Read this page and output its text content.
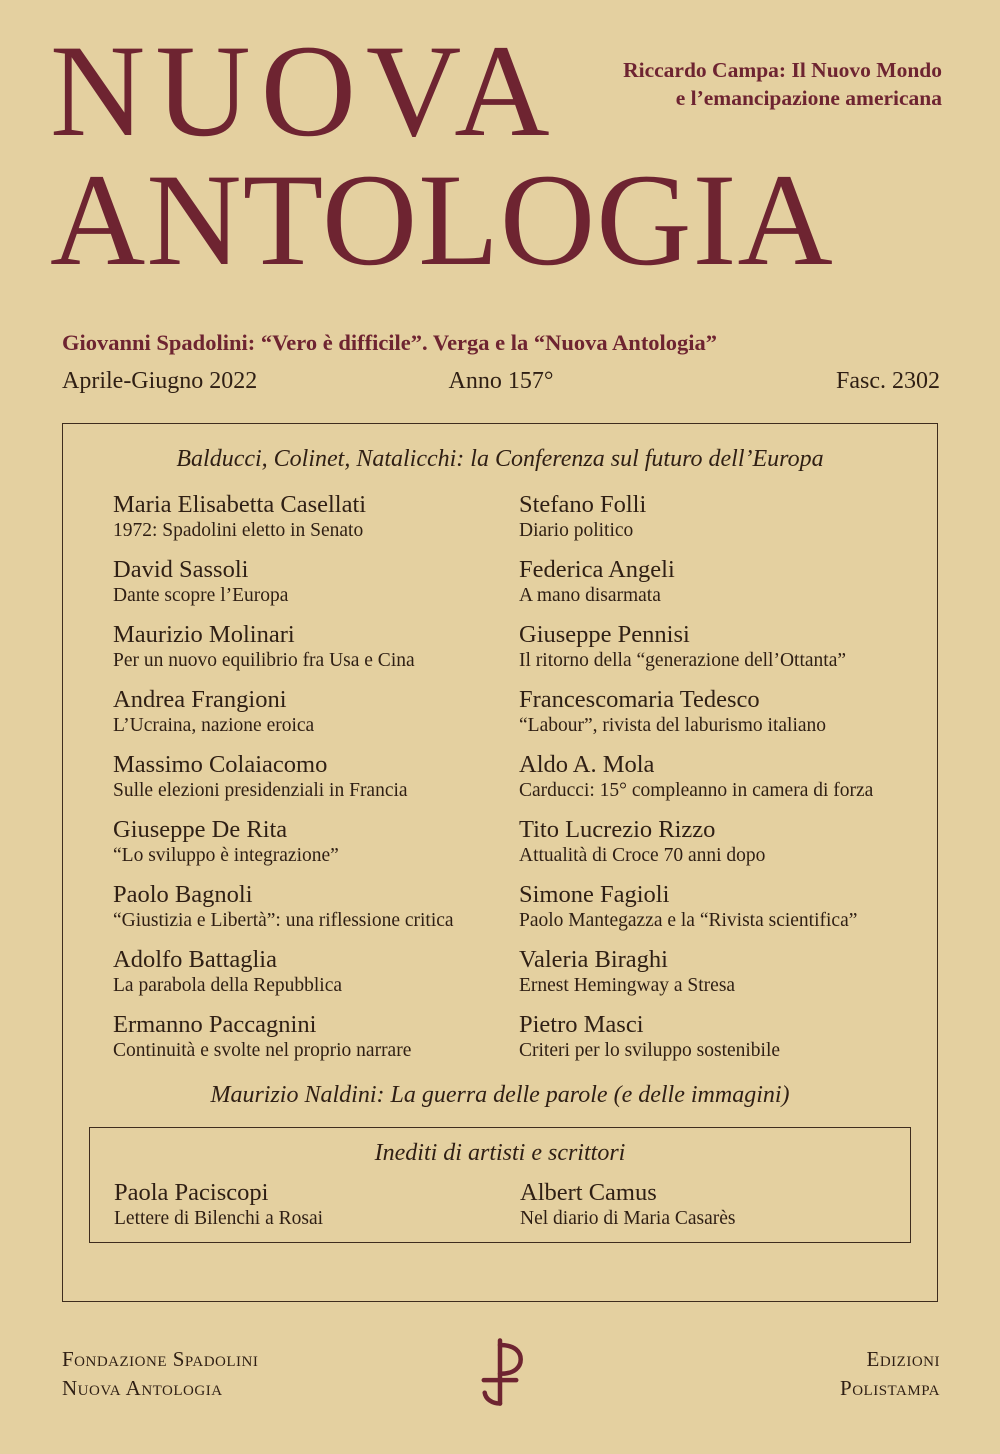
Riccardo Campa: Il Nuovo Mondo
e l’emancipazione americana
NUOVA
ANTOLOGIA
Giovanni Spadolini: “Vero è difficile”. Verga e la “Nuova Antologia”
Aprile-Giugno 2022	Anno 157°	Fasc. 2302
Balducci, Colinet, Natalicchi: la Conferenza sul futuro dell’Europa
Maria Elisabetta Casellati
1972: Spadolini eletto in Senato
David Sassoli
Dante scopre l’Europa
Maurizio Molinari
Per un nuovo equilibrio fra Usa e Cina
Andrea Frangioni
L’Ucraina, nazione eroica
Massimo Colaiacomo
Sulle elezioni presidenziali in Francia
Giuseppe De Rita
“Lo sviluppo è integrazione”
Paolo Bagnoli
“Giustizia e Libertà”: una riflessione critica
Adolfo Battaglia
La parabola della Repubblica
Ermanno Paccagnini
Continuità e svolte nel proprio narrare
Stefano Folli
Diario politico
Federica Angeli
A mano disarmata
Giuseppe Pennisi
Il ritorno della “generazione dell’Ottanta”
Francescomaria Tedesco
“Labour”, rivista del laburismo italiano
Aldo A. Mola
Carducci: 15° compleanno in camera di forza
Tito Lucrezio Rizzo
Attualità di Croce 70 anni dopo
Simone Fagioli
Paolo Mantegazza e la “Rivista scientifica”
Valeria Biraghi
Ernest Hemingway a Stresa
Pietro Masci
Criteri per lo sviluppo sostenibile
Maurizio Naldini: La guerra delle parole (e delle immagini)
Inediti di artisti e scrittori
Paola Paciscopi
Lettere di Bilenchi a Rosai
Albert Camus
Nel diario di Maria Casarès
Fondazione Spadolini
Nuova Antologia
Edizioni
Polistampa
